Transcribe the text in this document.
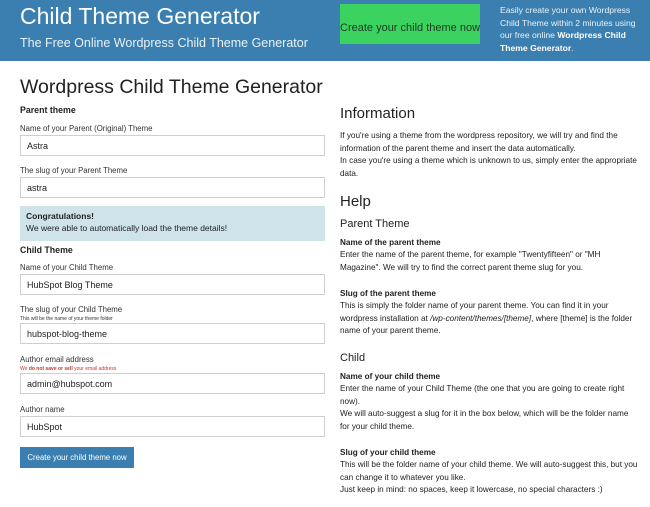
Child Theme Generator
The Free Online Wordpress Child Theme Generator
Create your child theme now
Easily create your own Wordpress Child Theme within 2 minutes using our free online Wordpress Child Theme Generator.
Wordpress Child Theme Generator
Parent theme
Name of your Parent (Original) Theme
Astra
The slug of your Parent Theme
astra
Congratulations!
We were able to automatically load the theme details!
Child Theme
Name of your Child Theme
HubSpot Blog Theme
The slug of your Child Theme
This will be the name of your theme folder
hubspot-blog-theme
Author email address
We do not save or sell your email address
admin@hubspot.com
Author name
HubSpot
Create your child theme now
Information

If you're using a theme from the wordpress repository, we will try and find the information of the parent theme and insert the data automatically.

In case you're using a theme which is unknown to us, simply enter the appropriate data.

Help
Parent Theme
Name of the parent theme

Enter the name of the parent theme, for example "Twentyfifteen" or "MH Magazine". We will try to find the correct parent theme slug for you.

Slug of the parent theme

This is simply the folder name of your parent theme. You can find it in your wordpress installation at /wp-content/themes/[theme], where [theme] is the folder name of your parent theme.

Child
Name of your child theme

Enter the name of your Child Theme (the one that you are going to create right now).

We will auto-suggest a slug for it in the box below, which will be the folder name for your child theme.

Slug of your child theme

This will be the folder name of your child theme. We will auto-suggest this, but you can change it to whatever you like.

Just keep in mind: no spaces, keep it lowercase, no special characters :)
